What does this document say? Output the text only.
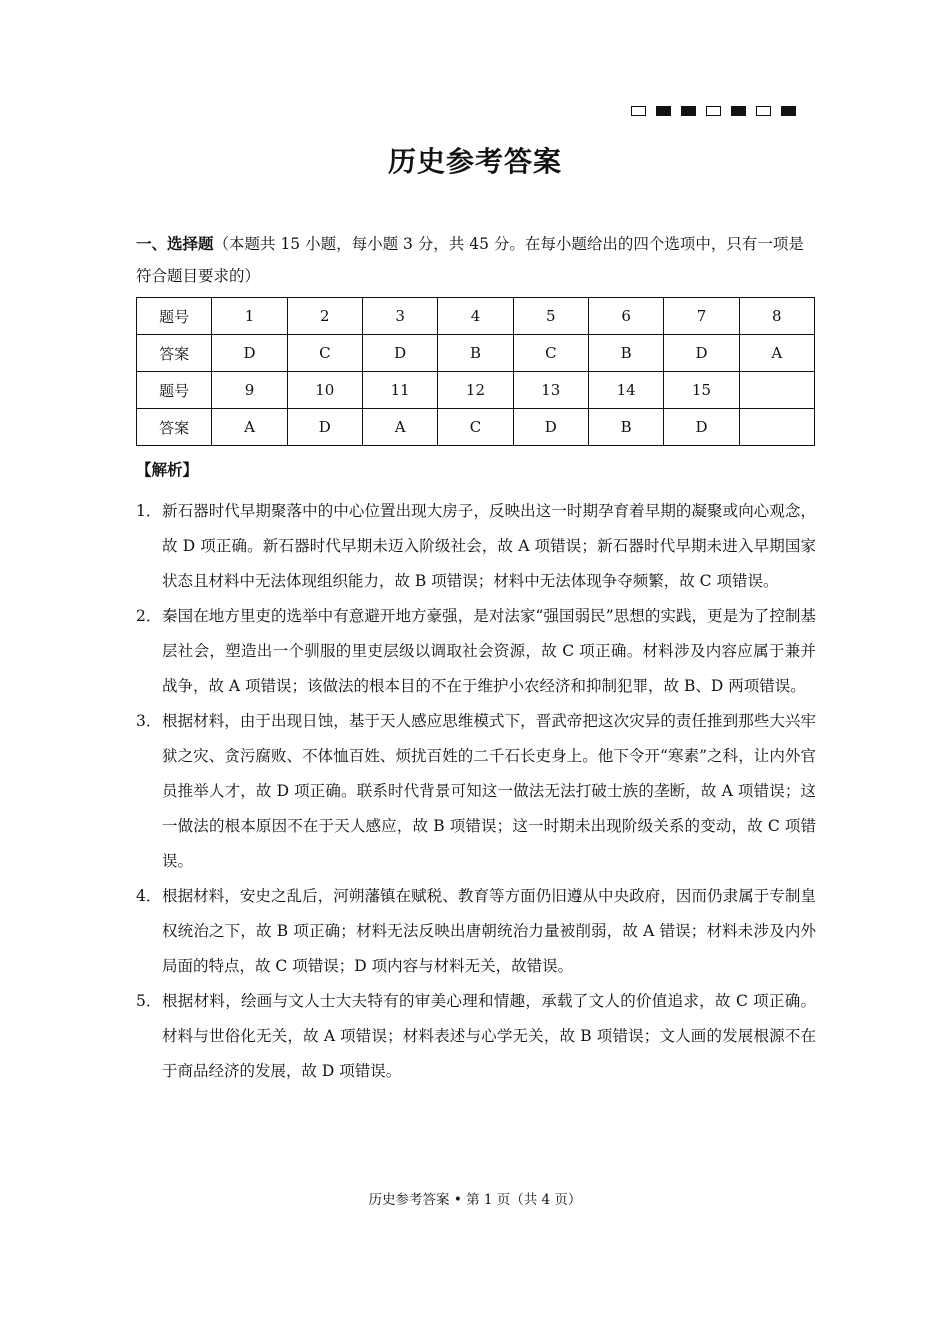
历史参考答案
一、选择题（本题共 15 小题，每小题 3 分，共 45 分。在每小题给出的四个选项中，只有一项是符合题目要求的）
题号	1	2	3	4	5	6	7	8
答案	D	C	D	B	C	B	D	A
题号	9	10	11	12	13	14	15	
答案	A	D	A	C	D	B	D	
【解析】
1． 新石器时代早期聚落中的中心位置出现大房子，反映出这一时期孕育着早期的凝聚或向心观念，故 D 项正确。新石器时代早期未迈入阶级社会，故 A 项错误；新石器时代早期未进入早期国家状态且材料中无法体现组织能力，故 B 项错误；材料中无法体现争夺频繁，故 C 项错误。
2． 秦国在地方里吏的选举中有意避开地方豪强，是对法家“强国弱民”思想的实践，更是为了控制基层社会，塑造出一个驯服的里吏层级以调取社会资源，故 C 项正确。材料涉及内容应属于兼并战争，故 A 项错误；该做法的根本目的不在于维护小农经济和抑制犯罪，故 B、D 两项错误。
3． 根据材料，由于出现日蚀，基于天人感应思维模式下，晋武帝把这次灾异的责任推到那些大兴牢狱之灾、贪污腐败、不体恤百姓、烦扰百姓的二千石长吏身上。他下令开“寒素”之科，让内外官员推举人才，故 D 项正确。联系时代背景可知这一做法无法打破士族的垄断，故 A 项错误；这一做法的根本原因不在于天人感应，故 B 项错误；这一时期未出现阶级关系的变动，故 C 项错误。
4． 根据材料，安史之乱后，河朔藩镇在赋税、教育等方面仍旧遵从中央政府，因而仍隶属于专制皇权统治之下，故 B 项正确；材料无法反映出唐朝统治力量被削弱，故 A 错误；材料未涉及内外局面的特点，故 C 项错误；D 项内容与材料无关，故错误。
5． 根据材料，绘画与文人士大夫特有的审美心理和情趣，承载了文人的价值追求，故 C 项正确。材料与世俗化无关，故 A 项错误；材料表述与心学无关，故 B 项错误；文人画的发展根源不在于商品经济的发展，故 D 项错误。
历史参考答案 • 第 1 页（共 4 页）
